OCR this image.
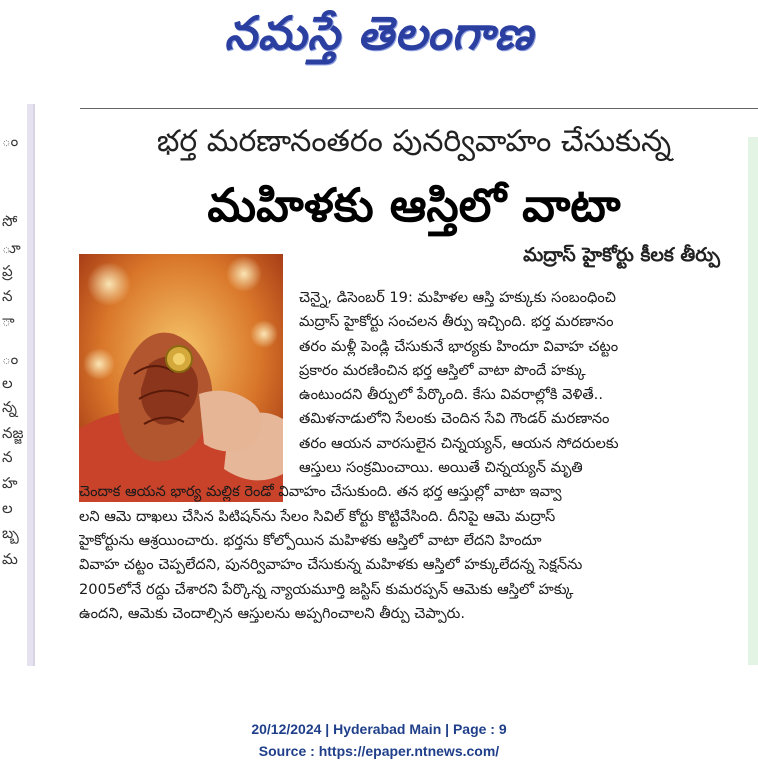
నమస్తే తెలంగాణ
ం
సో
ూ
ప్ర
న
ా
ం
ల
న్న
నజ్జ
న
హ
ల
బ్బ
మ
భర్త మరణానంతరం పునర్వివాహం చేసుకున్న
మహిళకు ఆస్తిలో వాటా
మద్రాస్ హైకోర్టు కీలక తీర్పు
చెన్నై, డిసెంబర్ 19: మహిళల ఆస్తి హక్కుకు సంబంధించి
మద్రాస్ హైకోర్టు సంచలన తీర్పు ఇచ్చింది. భర్త మరణానం
తరం మళ్లీ పెండ్లి చేసుకునే భార్యకు హిందూ వివాహ చట్టం
ప్రకారం మరణించిన భర్త ఆస్తిలో వాటా పొందే హక్కు
ఉంటుందని తీర్పులో పేర్కొంది. కేసు వివరాల్లోకి వెళితే..
తమిళనాడులోని సేలంకు చెందిన సేవి గౌండర్ మరణానం
తరం ఆయన వారసులైన చిన్నయ్యన్, ఆయన సోదరులకు
ఆస్తులు సంక్రమించాయి. అయితే చిన్నయ్యన్ మృతి
చెందాక ఆయన భార్య మల్లిక రెండో వివాహం చేసుకుంది. తన భర్త ఆస్తుల్లో వాటా ఇవ్వా
లని ఆమె దాఖలు చేసిన పిటిషన్‌ను సేలం సివిల్ కోర్టు కొట్టివేసింది. దీనిపై ఆమె మద్రాస్
హైకోర్టును ఆశ్రయించారు. భర్తను కోల్పోయిన మహిళకు ఆస్తిలో వాటా లేదని హిందూ
వివాహ చట్టం చెప్పలేదని, పునర్వివాహం చేసుకున్న మహిళకు ఆస్తిలో హక్కులేదన్న సెక్షన్‌ను
2005లోనే రద్దు చేశారని పేర్కొన్న న్యాయమూర్తి జస్టిస్ కుమరప్పన్ ఆమెకు ఆస్తిలో హక్కు
ఉందని, ఆమెకు చెందాల్సిన ఆస్తులను అప్పగించాలని తీర్పు చెప్పారు.
20/12/2024 | Hyderabad Main | Page : 9
Source : https://epaper.ntnews.com/
